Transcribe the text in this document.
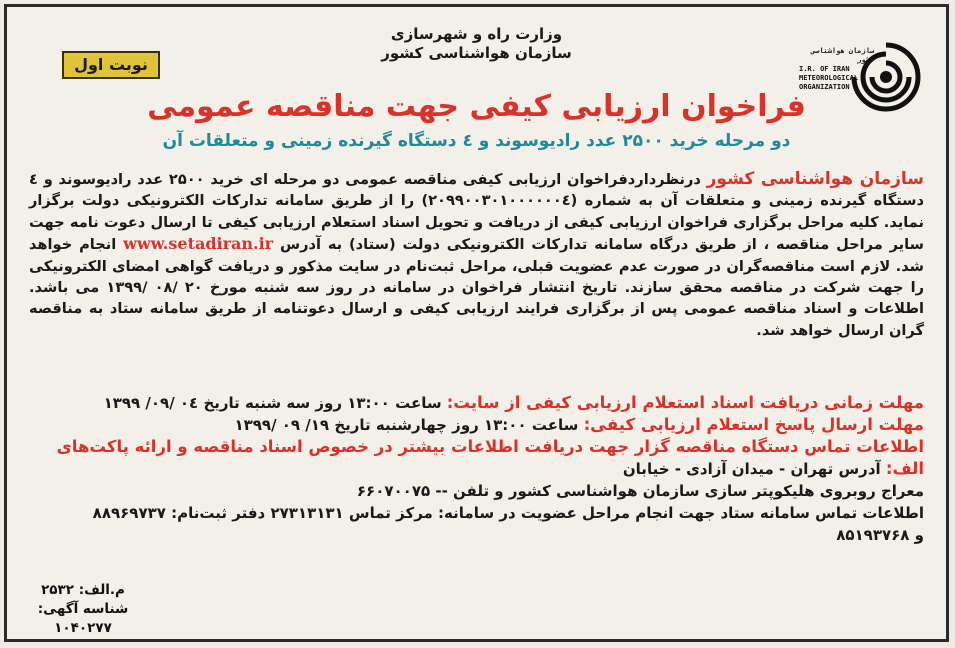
وزارت راه و شهرسازی
سازمان هواشناسی کشور
نوبت اول
سازمان هواشناسی کشور
I.R. OF IRAN
METEOROLOGICAL
ORGANIZATION
فراخوان ارزیابی کیفی جهت مناقصه عمومی
دو مرحله خرید ۲۵۰۰ عدد رادیوسوند و ٤ دستگاه گیرنده زمینی و متعلقات آن
سازمان هواشناسی کشور درنظرداردفراخوان ارزیابی کیفی مناقصه عمومی دو مرحله ای خرید ۲۵۰۰ عدد رادیوسوند و ٤ دستگاه گیرنده زمینی و متعلقات آن به شماره (۲۰۹۹۰۰۳۰۱۰۰۰۰۰۰٤) را از طریق سامانه تدارکات الکترونیکی دولت برگزار نماید. کلیه مراحل برگزاری فراخوان ارزیابی کیفی از دریافت و تحویل اسناد استعلام ارزیابی کیفی تا ارسال دعوت نامه جهت سایر مراحل مناقصه ، از طریق درگاه سامانه تدارکات الکترونیکی دولت (ستاد) به آدرس www.setadiran.ir انجام خواهد شد. لازم است مناقصه‌گران در صورت عدم عضویت قبلی، مراحل ثبت‌نام در سایت مذکور و دریافت گواهی امضای الکترونیکی را جهت شرکت در مناقصه محقق سازند. تاریخ انتشار فراخوان در سامانه در روز سه شنبه مورخ ۲۰ /۰۸ /۱۳۹۹ می باشد. اطلاعات و اسناد مناقصه عمومی پس از برگزاری فرایند ارزیابی کیفی و ارسال دعوتنامه از طریق سامانه ستاد به مناقصه گران ارسال خواهد شد.
مهلت زمانی دریافت اسناد استعلام ارزیابی کیفی از سایت: ساعت ۱۳:۰۰ روز سه شنبه تاریخ ۰٤ /۰۹/ ۱۳۹۹
مهلت ارسال پاسخ استعلام ارزیابی کیفی: ساعت ۱۳:۰۰ روز چهارشنبه تاریخ ۱۹/ ۰۹ /۱۳۹۹
اطلاعات تماس دستگاه مناقصه گزار جهت دریافت اطلاعات بیشتر در خصوص اسناد مناقصه و ارائه پاکت‌های الف: آدرس تهران - میدان آزادی - خیابان
معراج روبروی هلیکوپتر سازی سازمان هواشناسی کشور و تلفن -- ۶۶۰۷۰۰۷۵
اطلاعات تماس سامانه ستاد جهت انجام مراحل عضویت در سامانه: مرکز تماس ۲۷۳۱۳۱۳۱ دفتر ثبت‌نام: ۸۸۹۶۹۷۳۷
و ۸۵۱۹۳۷۶۸
م.الف: ۲۵۳۲
شناسه آگهی: ۱۰۴۰۲۷۷
